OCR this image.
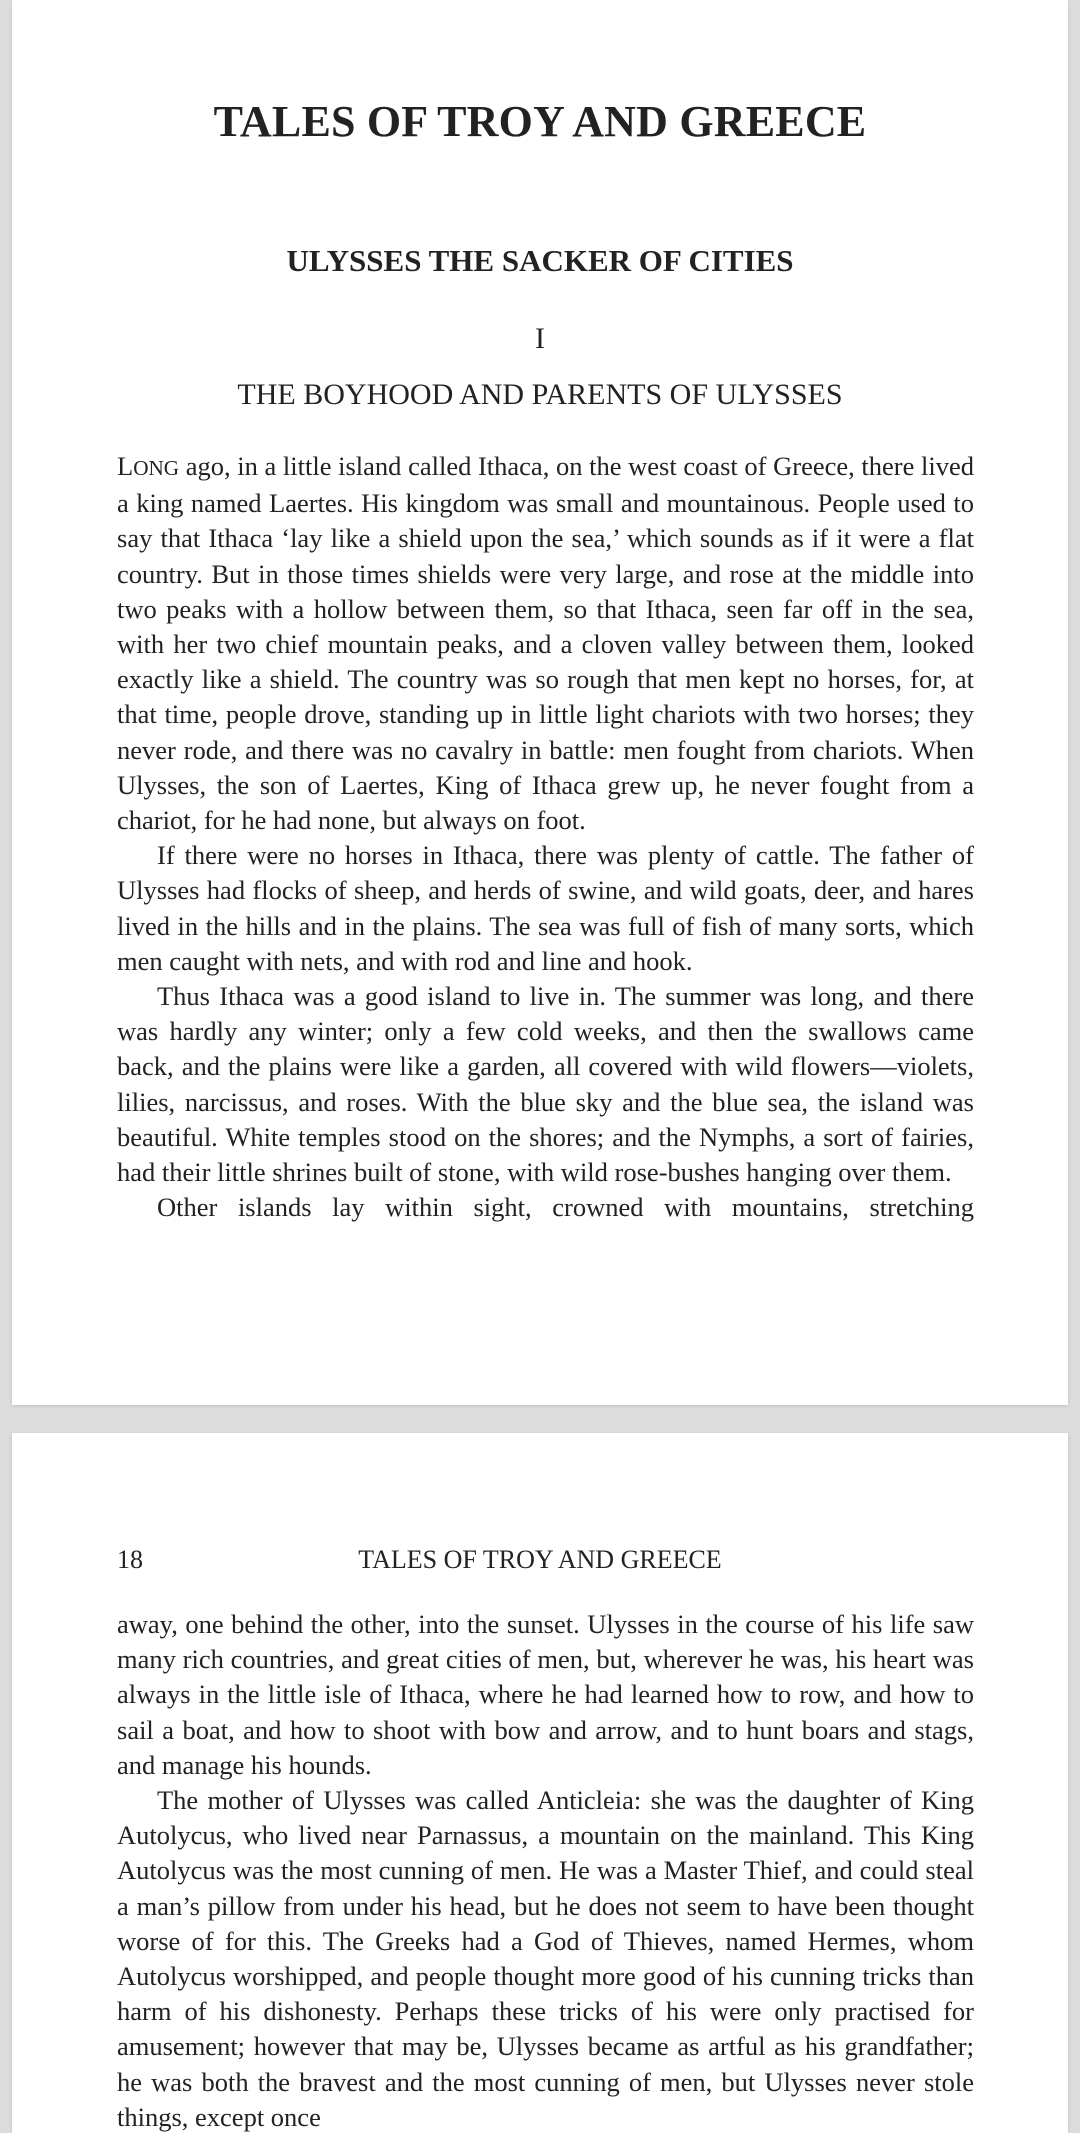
TALES OF TROY AND GREECE
ULYSSES THE SACKER OF CITIES
I
THE BOYHOOD AND PARENTS OF ULYSSES

LONG ago, in a little island called Ithaca, on the west coast of Greece, there lived a king named Laertes. His kingdom was small and mountainous. People used to say that Ithaca ‘lay like a shield upon the sea,’ which sounds as if it were a flat country. But in those times shields were very large, and rose at the middle into two peaks with a hollow between them, so that Ithaca, seen far off in the sea, with her two chief mountain peaks, and a cloven valley between them, looked exactly like a shield. The country was so rough that men kept no horses, for, at that time, people drove, standing up in little light chariots with two horses; they never rode, and there was no cavalry in battle: men fought from chariots. When Ulysses, the son of Laertes, King of Ithaca grew up, he never fought from a chariot, for he had none, but always on foot.

If there were no horses in Ithaca, there was plenty of cattle. The father of Ulysses had flocks of sheep, and herds of swine, and wild goats, deer, and hares lived in the hills and in the plains. The sea was full of fish of many sorts, which men caught with nets, and with rod and line and hook.

Thus Ithaca was a good island to live in. The summer was long, and there was hardly any winter; only a few cold weeks, and then the swallows came back, and the plains were like a garden, all covered with wild flowers—violets, lilies, narcissus, and roses. With the blue sky and the blue sea, the island was beautiful. White temples stood on the shores; and the Nymphs, a sort of fairies, had their little shrines built of stone, with wild rose-bushes hanging over them.

Other islands lay within sight, crowned with mountains, stretching

18	TALES OF TROY AND GREECE

away, one behind the other, into the sunset. Ulysses in the course of his life saw many rich countries, and great cities of men, but, wherever he was, his heart was always in the little isle of Ithaca, where he had learned how to row, and how to sail a boat, and how to shoot with bow and arrow, and to hunt boars and stags, and manage his hounds.

The mother of Ulysses was called Anticleia: she was the daughter of King Autolycus, who lived near Parnassus, a mountain on the mainland. This King Autolycus was the most cunning of men. He was a Master Thief, and could steal a man’s pillow from under his head, but he does not seem to have been thought worse of for this. The Greeks had a God of Thieves, named Hermes, whom Autolycus worshipped, and people thought more good of his cunning tricks than harm of his dishonesty. Perhaps these tricks of his were only practised for amusement; however that may be, Ulysses became as artful as his grandfather; he was both the bravest and the most cunning of men, but Ulysses never stole things, except once
